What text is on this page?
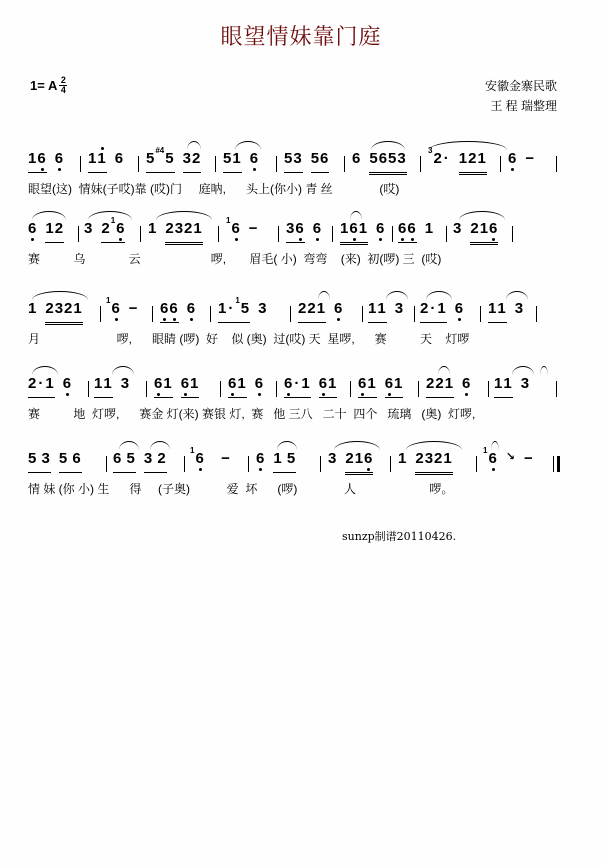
眼望情妹靠门庭
1= A $\frac{2}{4}$	安徽金寨民歌
王 程 瑞整理
1 6 6 1 1 6 5 #4 5 3 2 5 1 6 5 3 5 6 6 5 6 5 3	3 2 · 1 2 1 6 −
眼望(这)  情妹(子哎)靠 (哎)门     庭呐,      头上(你小) 青 丝              (哎)
6 1 2 3 2 1 6 1 2 3 2 1	1 6 − 3 6 6 1 6 1 6 6 6 1 3 2 1 6
赛          乌             云                     啰,       眉毛( 小)  弯弯    (来)  初(啰) 三  (哎)
1 2 3 2 1	1 6 − 6 6 6 1 · 1 5 3 2 2 1 6 1 1 3 2 · 1 6 1 1 3
月                       啰,      眼睛 (啰)  好    似 (奥)  过(哎) 天  星啰,      赛          天    灯啰
2 · 1 6 1 1 3 6 1 6 1 6 1 6 6 · 1 6 1 6 1 6 1 2 2 1 6 1 1 3
赛          地  灯啰,      赛金 灯(来) 赛银 灯,  赛   他 三八   二十  四个   琉璃   (奥)  灯啰,
5
3 5
6 6
5 3
2	1 6
− 6 1
5 3 2 1 6 1 2 3 2 1	1 6 ↘ −
情 妹 (你 小) 生      得     (子奥)           爱  坏      (啰)              人                      啰。
sunzp制谱20110426.
